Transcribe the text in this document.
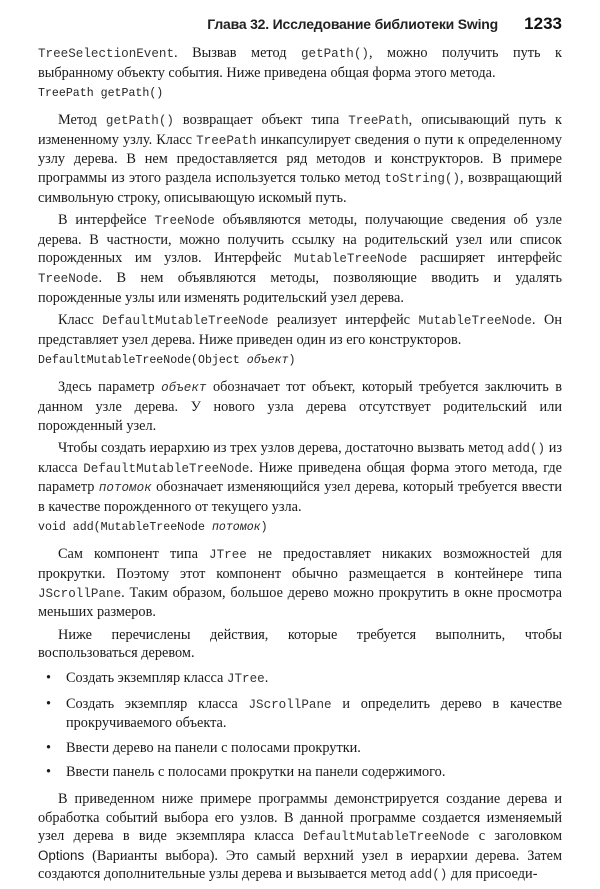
Глава 32. Исследование библиотеки Swing 1233

TreeSelectionEvent. Вызвав метод getPath(), можно получить путь к выбранному объекту события. Ниже приведена общая форма этого метода.

TreePath getPath()

Метод getPath() возвращает объект типа TreePath, описывающий путь к измененному узлу. Класс TreePath инкапсулирует сведения о пути к определенному узлу дерева. В нем предоставляется ряд методов и конструкторов. В примере программы из этого раздела используется только метод toString(), возвращающий символьную строку, описывающую искомый путь.

В интерфейсе TreeNode объявляются методы, получающие сведения об узле дерева. В частности, можно получить ссылку на родительский узел или список порожденных им узлов. Интерфейс MutableTreeNode расширяет интерфейс TreeNode. В нем объявляются методы, позволяющие вводить и удалять порожденные узлы или изменять родительский узел дерева.

Класс DefaultMutableTreeNode реализует интерфейс MutableTreeNode. Он представляет узел дерева. Ниже приведен один из его конструкторов.

DefaultMutableTreeNode(Object объект)

Здесь параметр объект обозначает тот объект, который требуется заключить в данном узле дерева. У нового узла дерева отсутствует родительский или порожденный узел.

Чтобы создать иерархию из трех узлов дерева, достаточно вызвать метод add() из класса DefaultMutableTreeNode. Ниже приведена общая форма этого метода, где параметр потомок обозначает изменяющийся узел дерева, который требуется ввести в качестве порожденного от текущего узла.

void add(MutableTreeNode потомок)

Сам компонент типа JTree не предоставляет никаких возможностей для прокрутки. Поэтому этот компонент обычно размещается в контейнере типа JScrollPane. Таким образом, большое дерево можно прокрутить в окне просмотра меньших размеров.

Ниже перечислены действия, которые требуется выполнить, чтобы воспользоваться деревом.

• Создать экземпляр класса JTree.
• Создать экземпляр класса JScrollPane и определить дерево в качестве прокручиваемого объекта.
• Ввести дерево на панели с полосами прокрутки.
• Ввести панель с полосами прокрутки на панели содержимого.

В приведенном ниже примере программы демонстрируется создание дерева и обработка событий выбора его узлов. В данной программе создается изменяемый узел дерева в виде экземпляра класса DefaultMutableTreeNode с заголовком Options (Варианты выбора). Это самый верхний узел в иерархии дерева. Затем создаются дополнительные узлы дерева и вызывается метод add() для присоеди-
